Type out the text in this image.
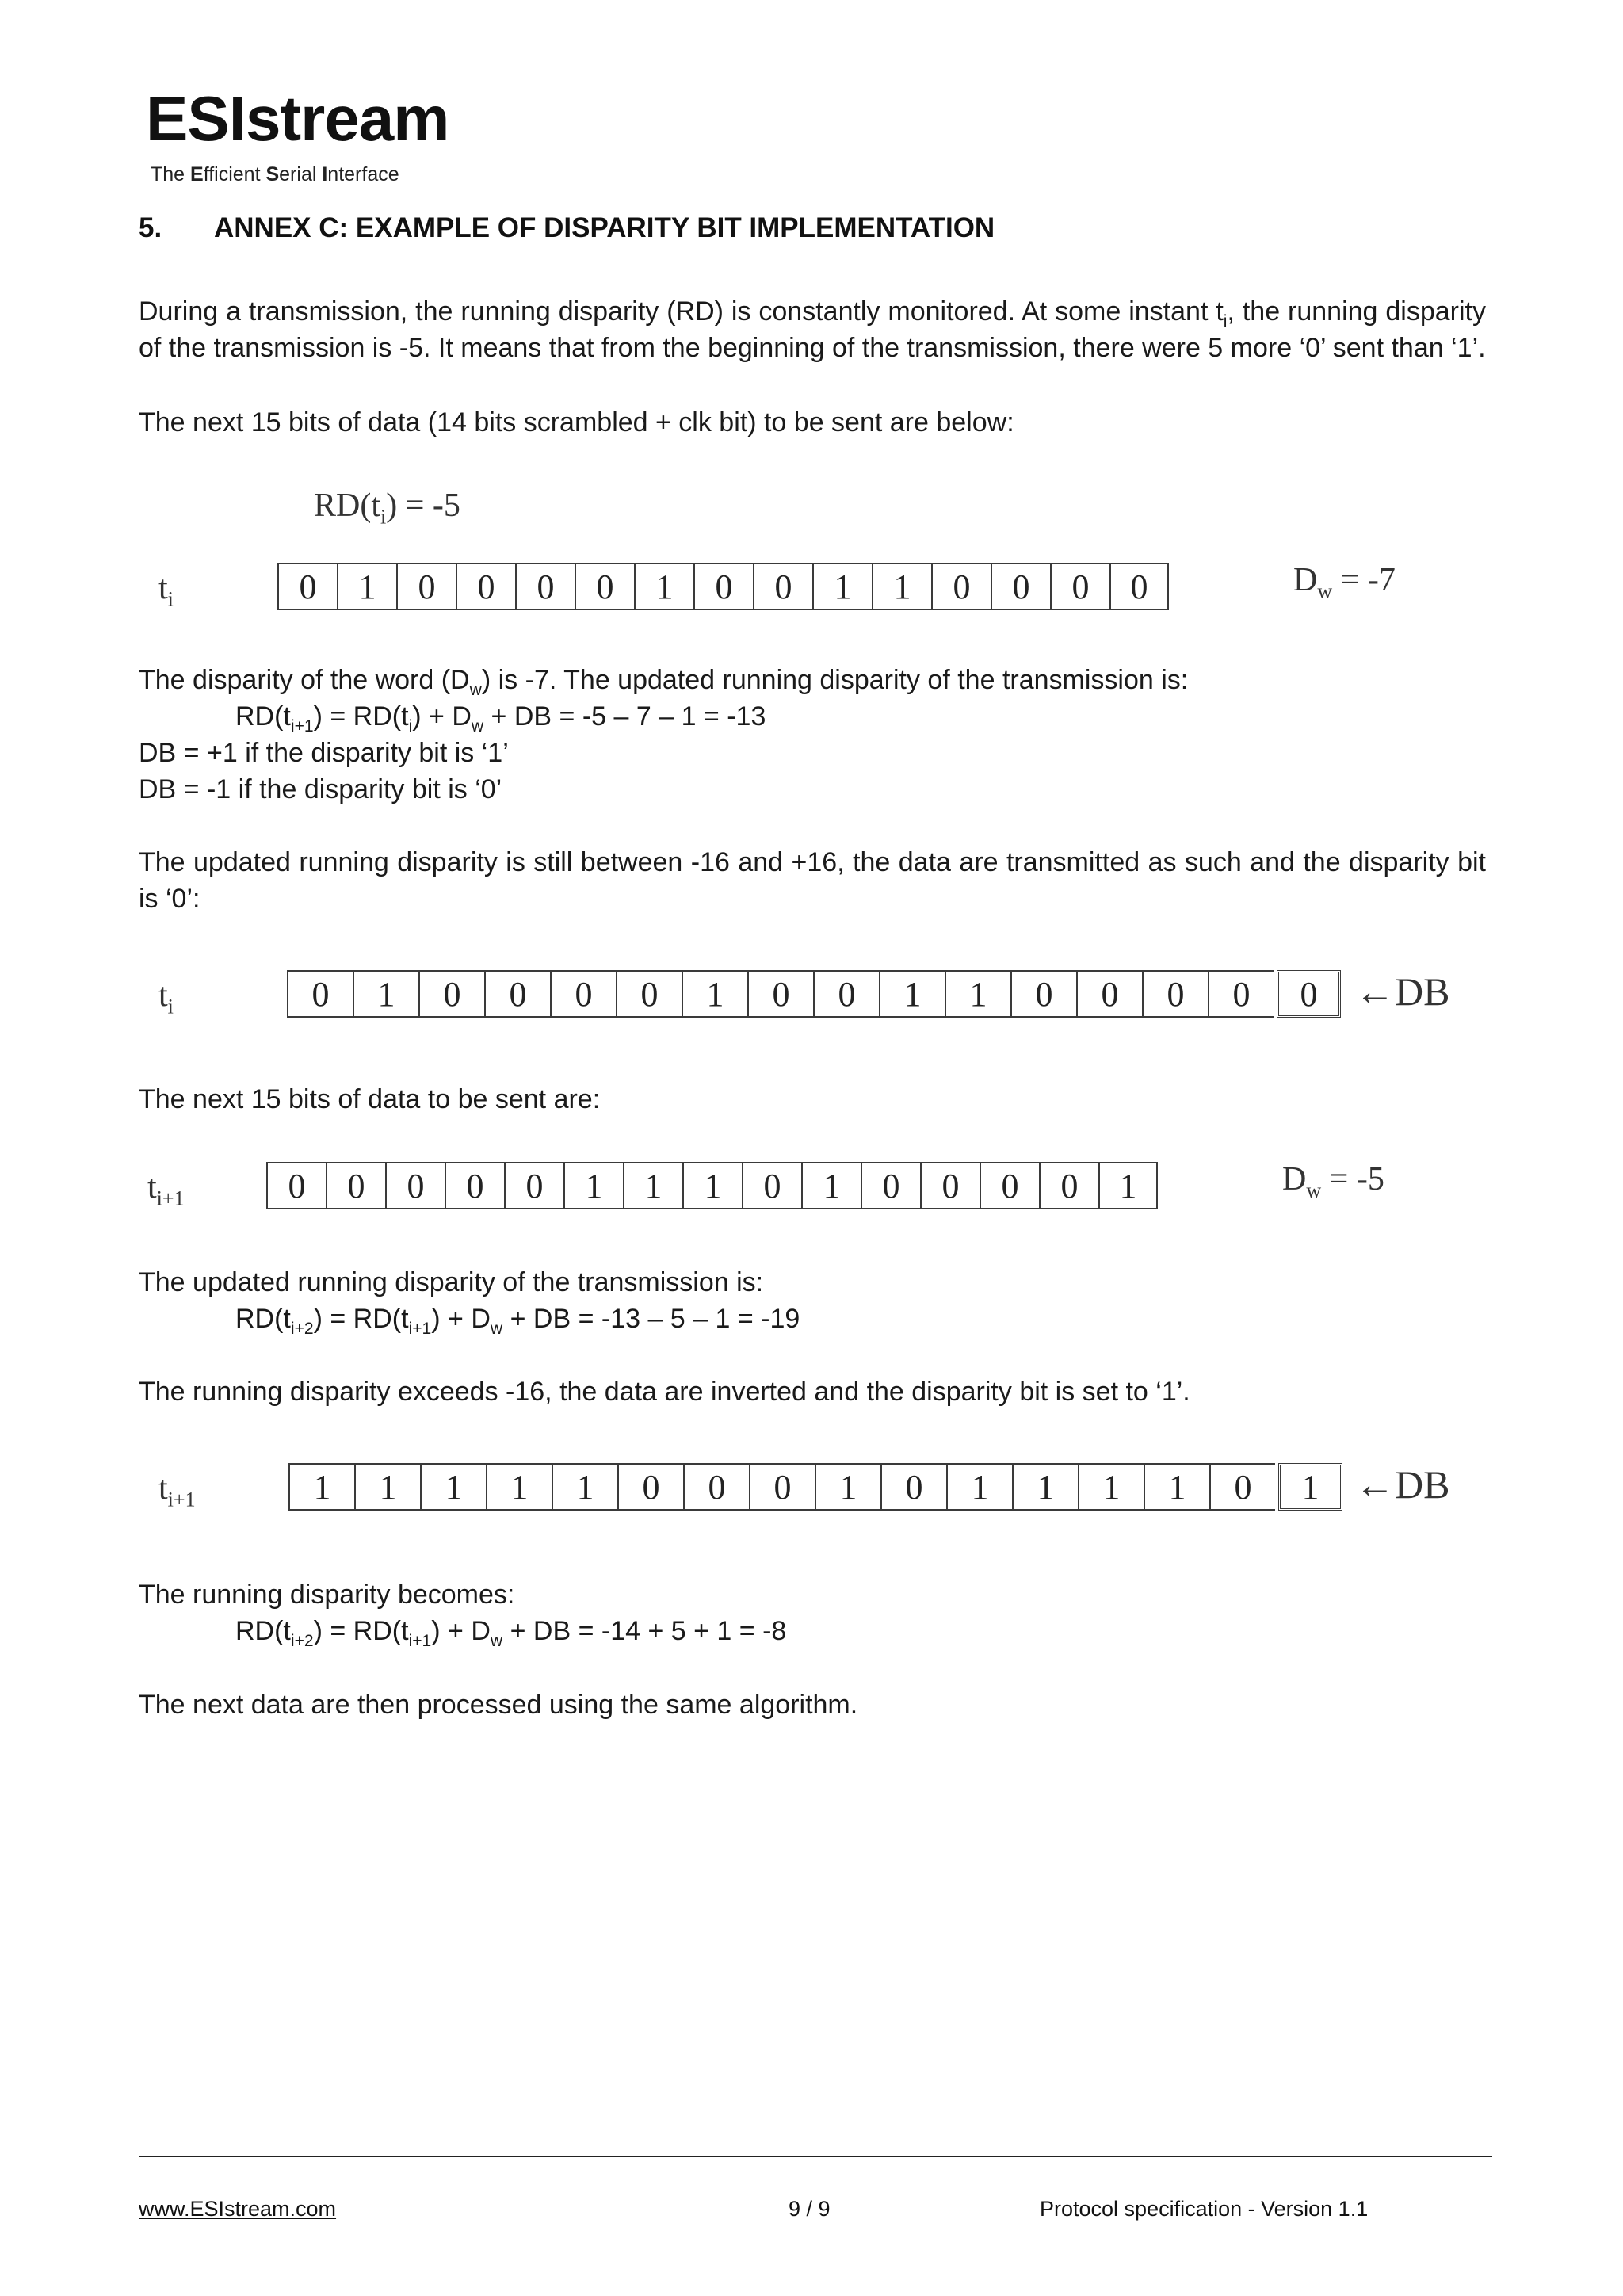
ESIstream
The Efficient Serial Interface
5. ANNEX C: EXAMPLE OF DISPARITY BIT IMPLEMENTATION
During a transmission, the running disparity (RD) is constantly monitored. At some instant $t_i$, the running disparity of the transmission is -5. It means that from the beginning of the transmission, there were 5 more ‘0’ sent than ‘1’.
The next 15 bits of data (14 bits scrambled + clk bit) to be sent are below:
$RD(t_i) = -5$
$t_i$	0	1	0	0	0	0	1	0	0	1	1	0	0	0	0	$D_w = -7$
The disparity of the word $(D_w)$ is -7. The updated running disparity of the transmission is:
$RD(t_{i+1}) = RD(t_i) + D_w$ + DB = -5 – 7 – 1 = -13
DB = +1 if the disparity bit is ‘1’
DB = -1 if the disparity bit is ‘0’
The updated running disparity is still between -16 and +16, the data are transmitted as such and the disparity bit is ‘0’:
$t_i$	0	1	0	0	0	0	1	0	0	1	1	0	0	0	0	0 ←DB
The next 15 bits of data to be sent are:
$t_{i+1}$	0	0	0	0	0	1	1	1	0	1	0	0	0	0	1	$D_w = -5$
The updated running disparity of the transmission is:
$RD(t_{i+2}) = RD(t_{i+1}) + D_w$ + DB = -13 – 5 – 1 = -19
The running disparity exceeds -16, the data are inverted and the disparity bit is set to ‘1’.
$t_{i+1}$	1	1	1	1	1	0	0	0	1	0	1	1	1	1	0	1 ←DB
The running disparity becomes:
$RD(t_{i+2}) = RD(t_{i+1}) + D_w$ + DB = -14 + 5 + 1 = -8
The next data are then processed using the same algorithm.
www.ESIstream.com	9 / 9	Protocol specification - Version 1.1
